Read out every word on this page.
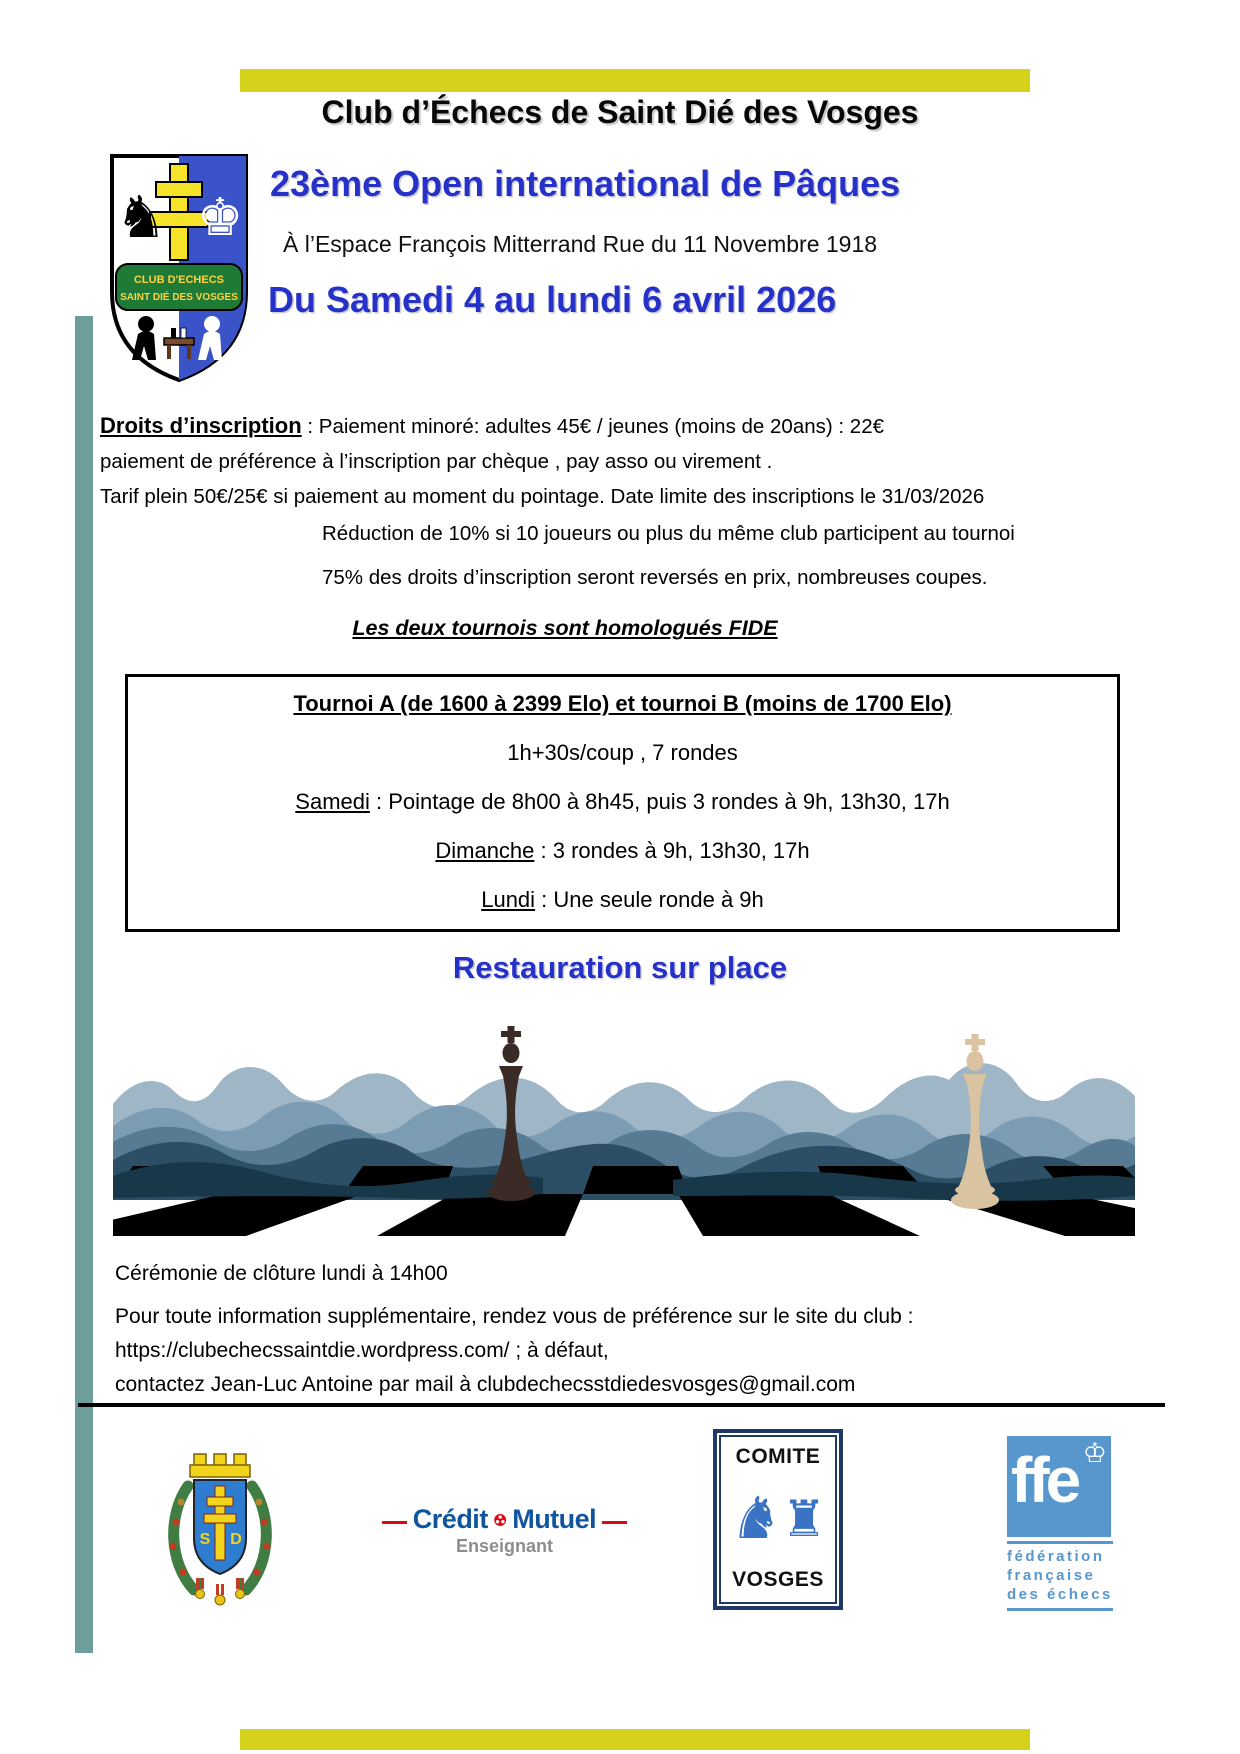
Club d’Échecs de Saint Dié des Vosges
♞ ♚
CLUB D'ECHECS
SAINT DIÉ DES VOSGES
23ème Open international de Pâques

À l’Espace François Mitterrand Rue du 11 Novembre 1918

Du Samedi 4 au lundi 6 avril 2026
Droits d’inscription : Paiement minoré: adultes 45€ / jeunes (moins de 20ans) : 22€
paiement de préférence à l’inscription par chèque , pay asso ou virement .
Tarif plein 50€/25€ si paiement au moment du pointage. Date limite des inscriptions le 31/03/2026
Réduction de 10% si 10 joueurs ou plus du même club participent au tournoi
75% des droits d’inscription seront reversés en prix, nombreuses coupes.
Les deux tournois sont homologués FIDE

Tournoi A (de 1600 à 2399 Elo) et tournoi B (moins de 1700 Elo)

1h+30s/coup , 7 rondes

Samedi : Pointage de 8h00 à 8h45, puis 3 rondes à 9h, 13h30, 17h

Dimanche : 3 rondes à 9h, 13h30, 17h

Lundi : Une seule ronde à 9h

Restauration sur place

Cérémonie de clôture lundi à 14h00
Pour toute information supplémentaire, rendez vous de préférence sur le site du club :
https://clubechecssaintdie.wordpress.com/ ; à défaut,
contactez Jean-Luc Antoine par mail à clubdechecsstdiedesvosges@gmail.com
S D
Crédit Mutuel
Enseignant
COMITE
♞ ♜
VOSGES
ffe ♔
fédération
française
des échecs
